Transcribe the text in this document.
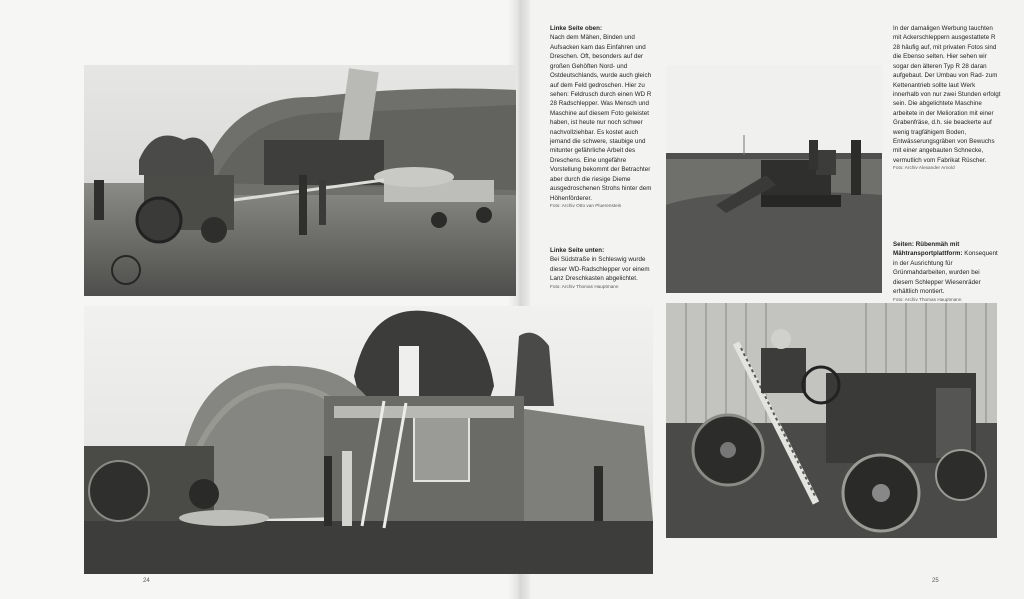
Linke Seite oben:
Nach dem Mähen, Binden und Aufsacken kam das Einfahren und Dreschen. Oft, besonders auf der großen Gehöften Nord- und Ostdeutschlands, wurde auch gleich auf dem Feld gedroschen. Hier zu sehen: Feldrusch durch einen WD R 28 Radschlepper. Was Mensch und Maschine auf diesem Foto geleistet haben, ist heute nur noch schwer nachvollziehbar. Es kostet auch jemand die schwere, staubige und mitunter gefährliche Arbeit des Dreschens. Eine ungefähre Vorstellung bekommt der Betrachter aber durch die riesige Dieme ausgedroschenen Strohs hinter dem Höhenförderer.

Foto: Archiv Otto van Pluerenstein

Linke Seite unten:
Bei Südstraße in Schleswig wurde dieser WD-Radschlepper vor einem Lanz Dreschkasten abgelichtet.

Foto: Archiv Thomas Hauptmann

In der damaligen Werbung tauchten mit Ackerschleppern ausgestattete R 28 häufig auf, mit privaten Fotos sind die Ebenso selten. Hier sehen wir sogar den älteren Typ R 28 daran aufgebaut. Der Umbau von Rad- zum Kettenantrieb sollte laut Werk innerhalb von nur zwei Stunden erfolgt sein. Die abgelichtete Maschine arbeitete in der Melioration mit einer Grabenfräse, d.h. sie beackerte auf wenig tragfähigem Boden, Entwässerungsgräben von Bewuchs mit einer angebauten Schnecke, vermutlich vom Fabrikat Rüscher.

Foto: Archiv Alexander Arnold

Seiten: Rübenmäh mit Mähtransportplattform: Konsequent in der Ausrichtung für Grünmahdarbeiten, wurden bei diesem Schlepper Wiesenräder erhältlich montiert.

Foto: Archiv Thomas Hauptmann

24	25
